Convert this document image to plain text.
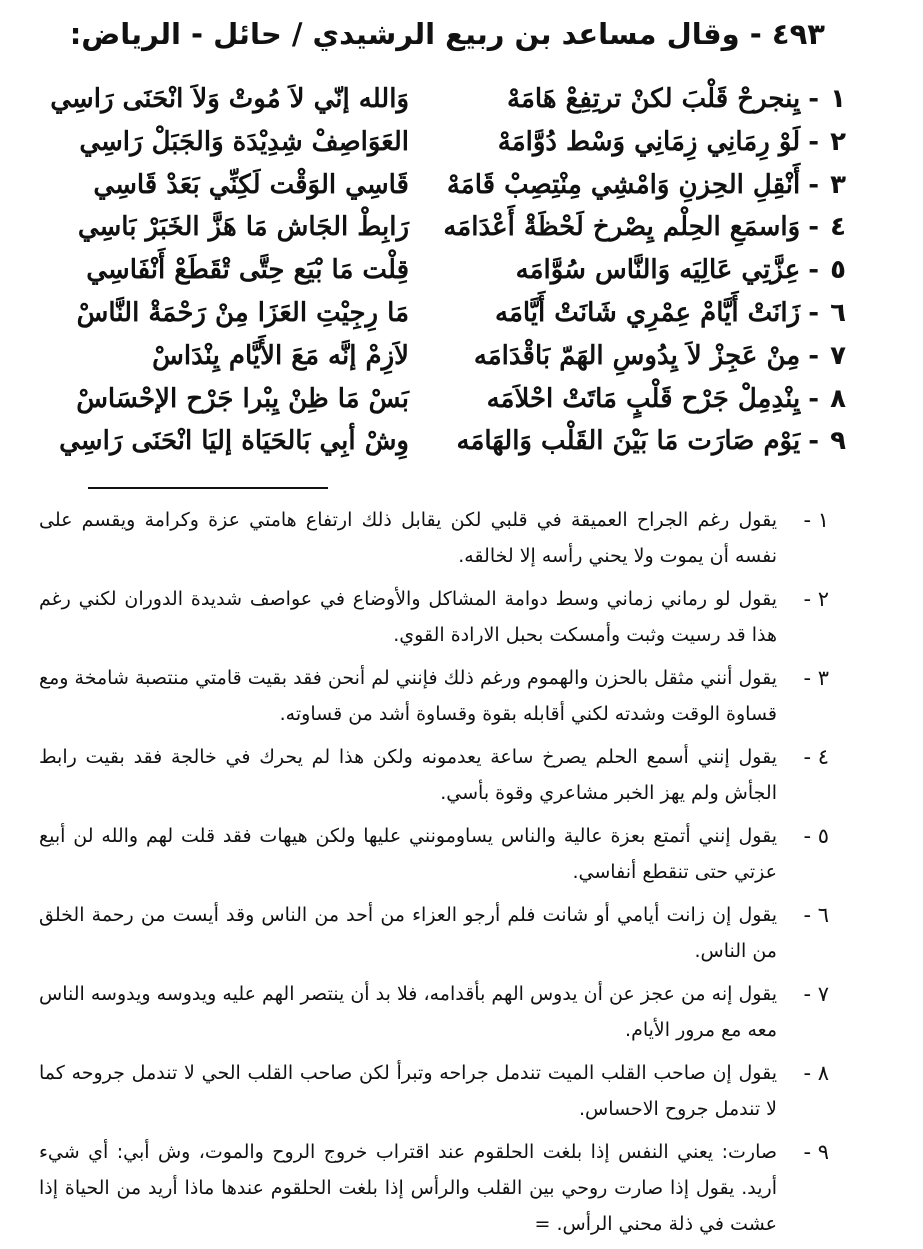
٤٩٣ - وقال مساعد بن ربيع الرشيدي / حائل - الرياض:
١-يِنجرحْ قَلْبَ لكنْ ترتِفِعْ هَامَهْ
وَالله إنّي لاَ مُوتْ وَلاَ انْحَنَى رَاسِي
٢-لَوْ رِمَانِي زِمَانِي وَسْط دُوَّامَهْ
العَوَاصِفْ شِدِيْدَة وَالجَبَلْ رَاسِي
٣-أَنْقِلِ الحِزنِ وَامْشِي مِنْتِصِبْ قَامَهْ
قَاسِي الوَقْت لَكِنِّي بَعَدْ قَاسِي
٤-وَاسمَعِ الحِلْم يِصْرخ لَحْظَةْ أَعْدَامَه
رَابِطْ الجَاش مَا هَزَّ الخَبَرْ بَاسِي
٥-عِزَّتِي عَالِيَه وَالنَّاس سُوَّامَه
قِلْت مَا بْيَع حِتَّى تْقَطَعْ أَنْفَاسِي
٦-زَانَتْ أَيَّامْ عِمْرِي شَانَتْ أَيَّامَه
مَا رِجِيْتِ العَزَا مِنْ رَحْمَةْ النَّاسْ
٧-مِنْ عَجِزْ لاَ يِدُوسِ الهَمّ بَاقْدَامَه
لاَزِمْ إنَّه مَعَ الأَيَّام يِنْدَاسْ
٨-يِنْدِمِلْ جَرْح قَلْبٍ مَاتَتْ احْلاَمَه
بَسْ مَا ظِنْ يِبْرا جَرْح الإحْسَاسْ
٩-يَوْم صَارَت مَا بَيْنَ القَلْب وَالهَامَه
وِشْ أبِي بَالحَيَاة إليَا انْحَنَى رَاسِي
١ -
يقول رغم الجراح العميقة في قلبي لكن يقابل ذلك ارتفاع هامتي عزة وكرامة ويقسم على نفسه أن يموت ولا يحني رأسه إلا لخالقه.
٢ -
يقول لو رماني زماني وسط دوامة المشاكل والأوضاع في عواصف شديدة الدوران لكني رغم هذا قد رسيت وثبت وأمسكت بحبل الارادة القوي.
٣ -
يقول أنني مثقل بالحزن والهموم ورغم ذلك فإنني لم أنحن فقد بقيت قامتي منتصبة شامخة ومع قساوة الوقت وشدته لكني أقابله بقوة وقساوة أشد من قساوته.
٤ -
يقول إنني أسمع الحلم يصرخ ساعة يعدمونه ولكن هذا لم يحرك في خالجة فقد بقيت رابط الجأش ولم يهز الخبر مشاعري وقوة بأسي.
٥ -
يقول إنني أتمتع بعزة عالية والناس يساومونني عليها ولكن هيهات فقد قلت لهم والله لن أبيع عزتي حتى تنقطع أنفاسي.
٦ -
يقول إن زانت أيامي أو شانت فلم أرجو العزاء من أحد من الناس وقد أيست من رحمة الخلق من الناس.
٧ -
يقول إنه من عجز عن أن يدوس الهم بأقدامه، فلا بد أن ينتصر الهم عليه ويدوسه ويدوسه الناس معه مع مرور الأيام.
٨ -
يقول إن صاحب القلب الميت تندمل جراحه وتبرأ لكن صاحب القلب الحي لا تندمل جروحه كما لا تندمل جروح الاحساس.
٩ -
صارت: يعني النفس إذا بلغت الحلقوم عند اقتراب خروج الروح والموت، وش أبي: أي شيء أريد. يقول إذا صارت روحي بين القلب والرأس إذا بلغت الحلقوم عندها ماذا أريد من الحياة إذا عشت في ذلة محني الرأس. =
